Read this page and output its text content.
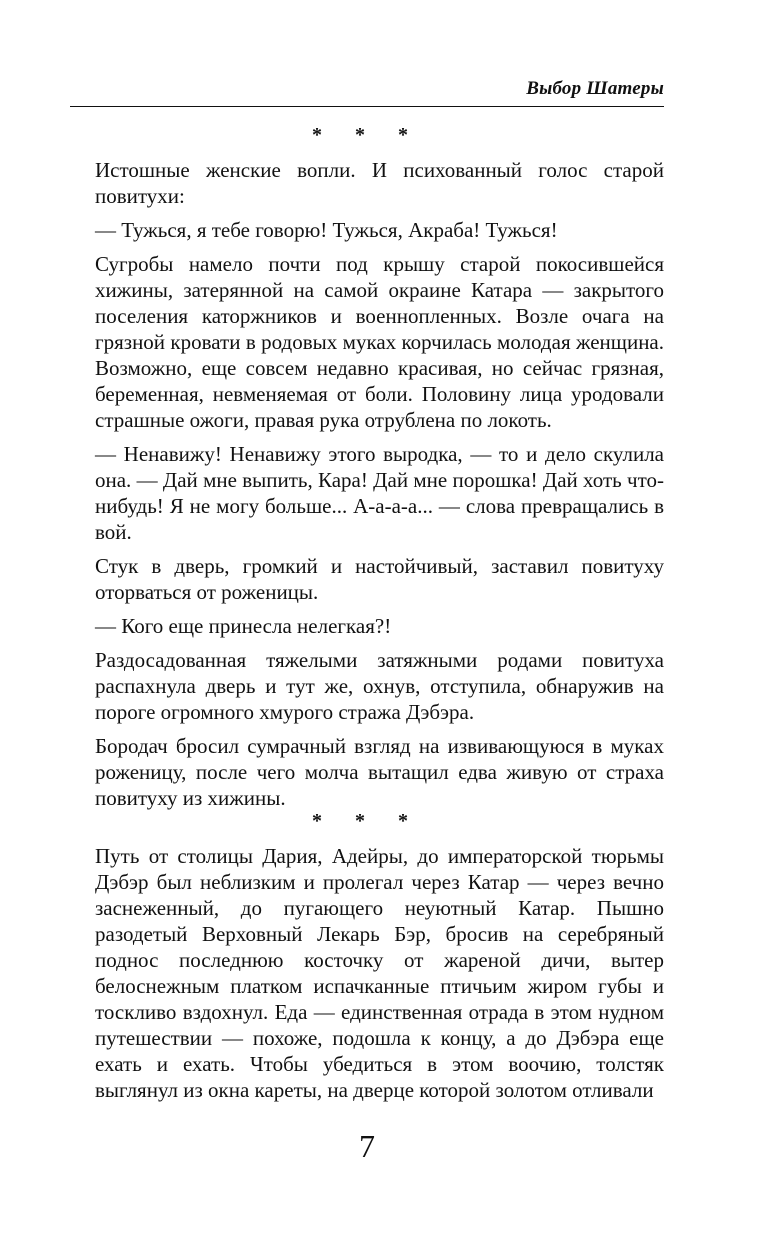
Выбор Шатеры
* * *

Истошные женские вопли. И психованный голос старой повитухи:

— Тужься, я тебе говорю! Тужься, Акраба! Тужься!

Сугробы намело почти под крышу старой покосившейся хижины, затерянной на самой окраине Катара — закрытого поселения каторжников и военнопленных. Возле очага на грязной кровати в родовых муках корчилась молодая женщина. Возможно, еще совсем недавно красивая, но сейчас грязная, беременная, невменяемая от боли. Половину лица уродовали страшные ожоги, правая рука отрублена по локоть.

— Ненавижу! Ненавижу этого выродка, — то и дело скулила она. — Дай мне выпить, Кара! Дай мне порошка! Дай хоть что-нибудь! Я не могу больше... А-а-а-а... — слова превращались в вой.

Стук в дверь, громкий и настойчивый, заставил повитуху оторваться от роженицы.

— Кого еще принесла нелегкая?!

Раздосадованная тяжелыми затяжными родами повитуха распахнула дверь и тут же, охнув, отступила, обнаружив на пороге огромного хмурого стража Дэбэра.

Бородач бросил сумрачный взгляд на извивающуюся в муках роженицу, после чего молча вытащил едва живую от страха повитуху из хижины.

* * *

Путь от столицы Дария, Адейры, до императорской тюрьмы Дэбэр был неблизким и пролегал через Катар — через вечно заснеженный, до пугающего неуютный Катар. Пышно разодетый Верховный Лекарь Бэр, бросив на серебряный поднос последнюю косточку от жареной дичи, вытер белоснежным платком испачканные птичьим жиром губы и тоскливо вздохнул. Еда — единственная отрада в этом нудном путешествии — похоже, подошла к концу, а до Дэбэра еще ехать и ехать. Чтобы убедиться в этом воочию, толстяк выглянул из окна кареты, на дверце которой золотом отливали

7
